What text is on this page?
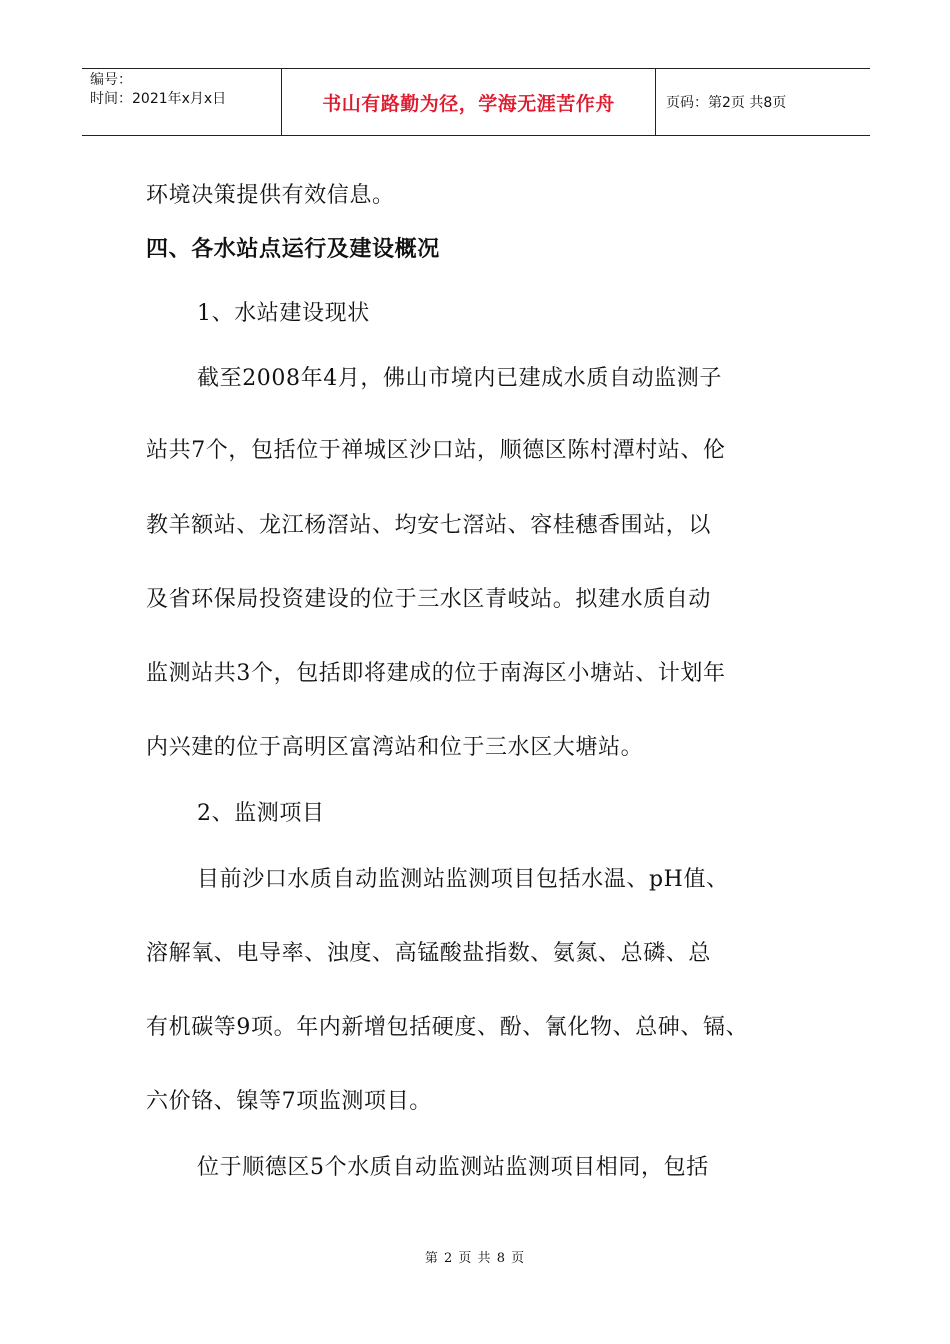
编号：
时间：2021年x月x日	书山有路勤为径，学海无涯苦作舟	页码：第2页 共8页
环境决策提供有效信息。
四、各水站点运行及建设概况
1、水站建设现状
截至2008年4月，佛山市境内已建成水质自动监测子
站共7个，包括位于禅城区沙口站，顺德区陈村潭村站、伦
教羊额站、龙江杨滘站、均安七滘站、容桂穗香围站，以
及省环保局投资建设的位于三水区青岐站。拟建水质自动
监测站共3个，包括即将建成的位于南海区小塘站、计划年
内兴建的位于高明区富湾站和位于三水区大塘站。
2、监测项目
目前沙口水质自动监测站监测项目包括水温、pH值、
溶解氧、电导率、浊度、高锰酸盐指数、氨氮、总磷、总
有机碳等9项。年内新增包括硬度、酚、氰化物、总砷、镉、
六价铬、镍等7项监测项目。
位于顺德区5个水质自动监测站监测项目相同，包括
第 2 页 共 8 页
